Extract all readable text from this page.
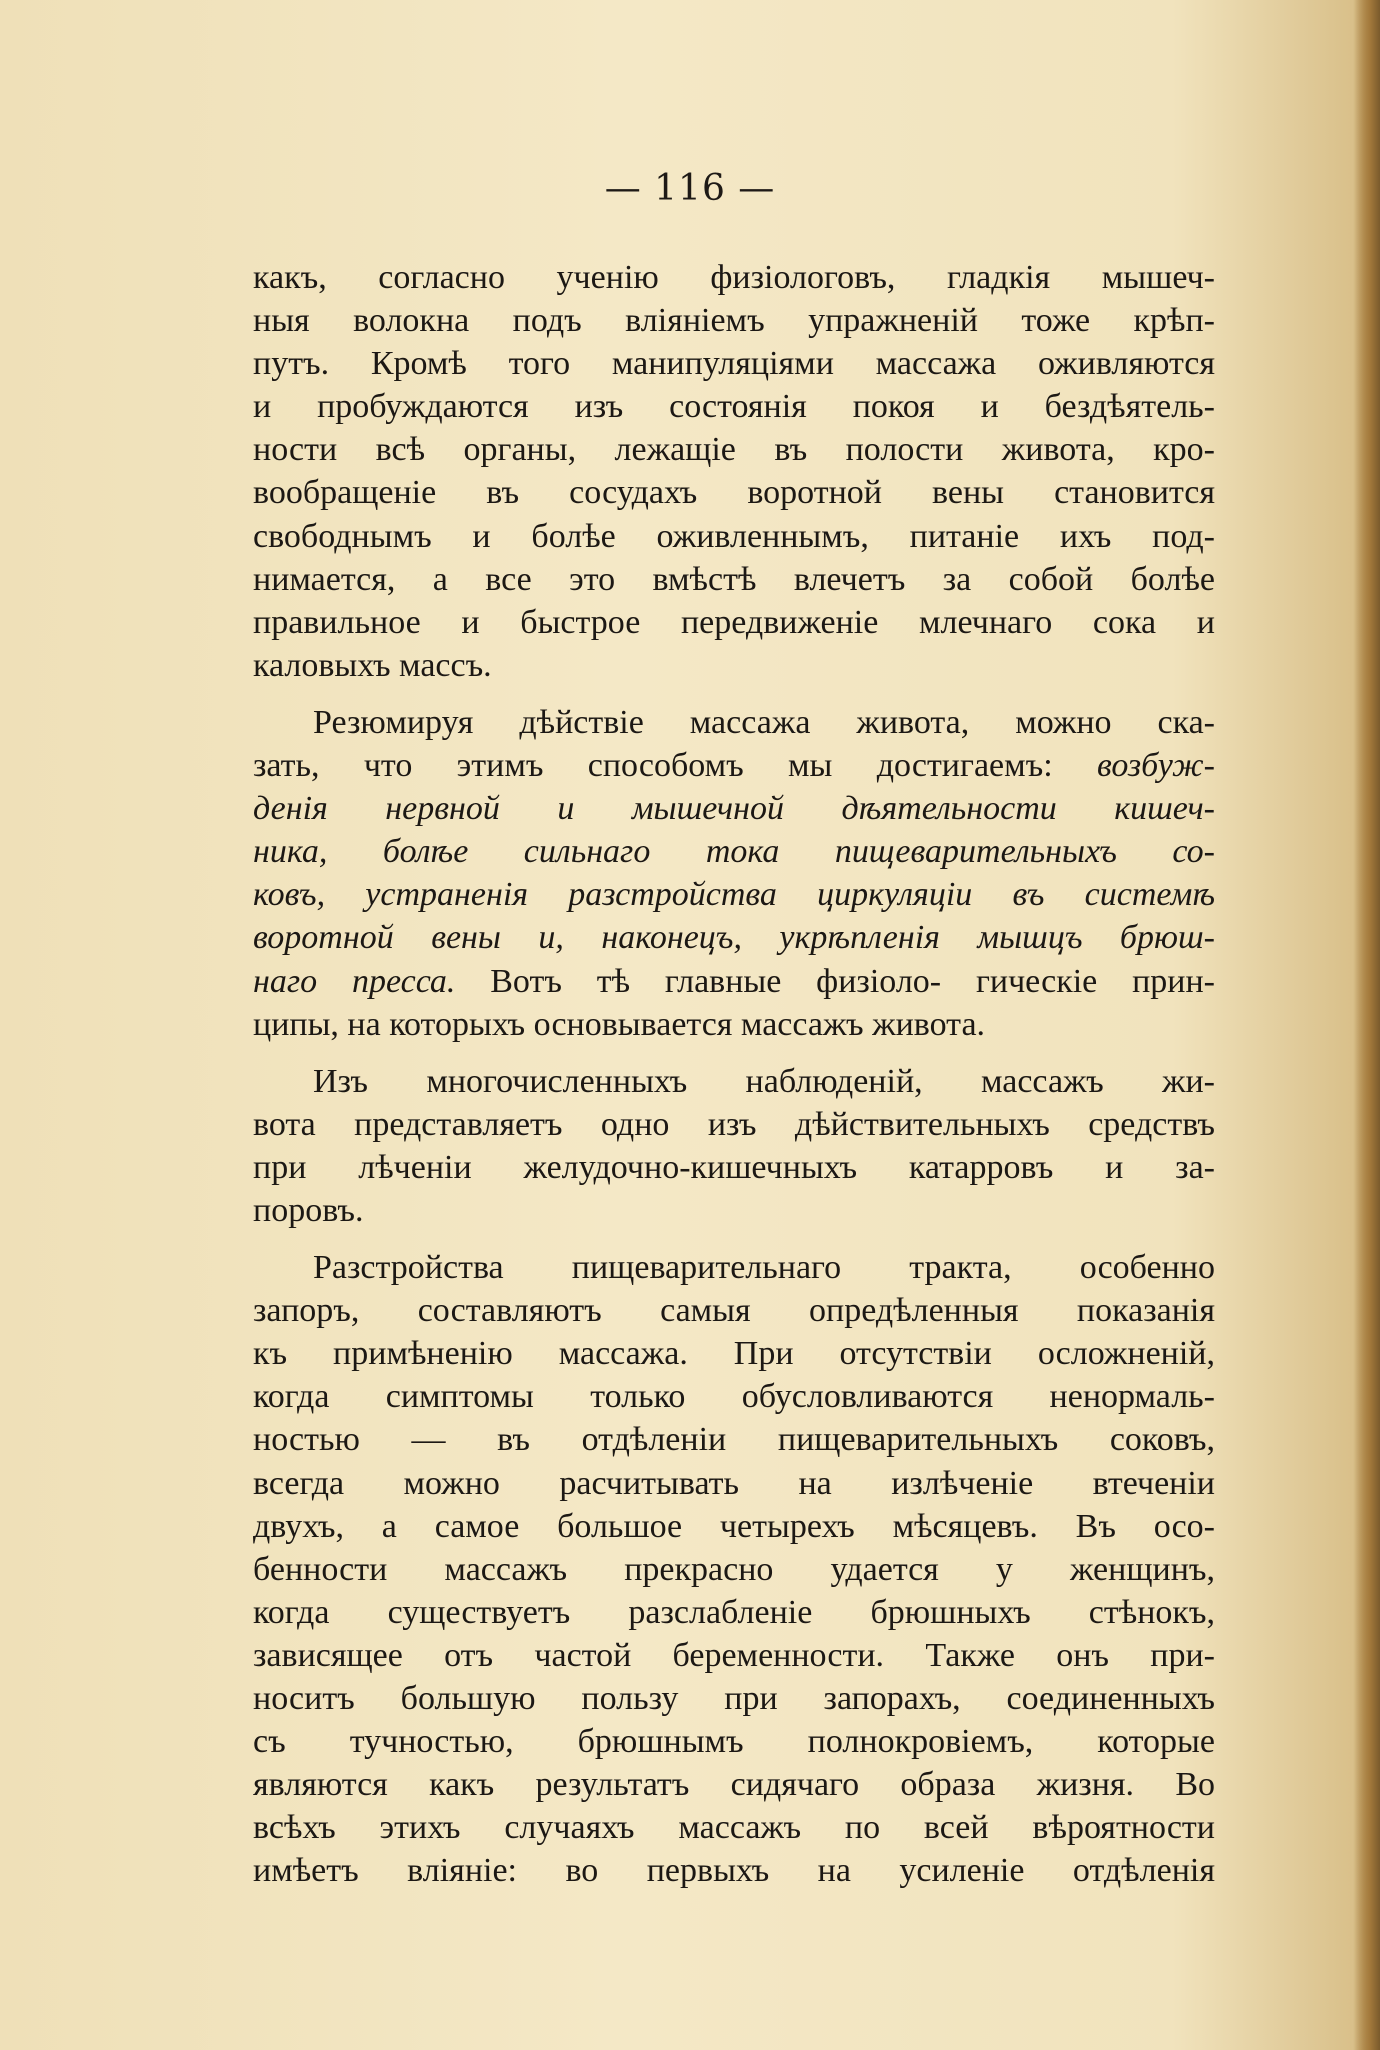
— 116 —
какъ, согласно ученію физіологовъ, гладкія мышеч-
ныя волокна подъ вліяніемъ упражненій тоже крѣп-
путъ. Кромѣ того манипуляціями массажа оживляются
и пробуждаются изъ состоянія покоя и бездѣятель-
ности всѣ органы, лежащіе въ полости живота, кро-
вообращеніе въ сосудахъ воротной вены становится
свободнымъ и болѣе оживленнымъ, питаніе ихъ под-
нимается, а все это вмѣстѣ влечетъ за собой болѣе
правильное и быстрое передвиженіе млечнаго сока и
каловыхъ массъ.
Резюмируя дѣйствіе массажа живота, можно ска-
зать, что этимъ способомъ мы достигаемъ: возбуж-
денія нервной и мышечной дѣятельности кишеч-
ника, болѣе сильнаго тока пищеварительныхъ со-
ковъ, устраненія разстройства циркуляціи въ системѣ
воротной вены и, наконецъ, укрѣпленія мышцъ брюш-
наго пресса. Вотъ тѣ главные физіоло- гическіе прин-
ципы, на которыхъ основывается массажъ живота.
Изъ многочисленныхъ наблюденій, массажъ жи-
вота представляетъ одно изъ дѣйствительныхъ средствъ
при лѣченіи желудочно-кишечныхъ катарровъ и за-
поровъ.
Разстройства пищеварительнаго тракта, особенно
запоръ, составляютъ самыя опредѣленныя показанія
къ примѣненію массажа. При отсутствіи осложненій,
когда симптомы только обусловливаются ненормаль-
ностью — въ отдѣленіи пищеварительныхъ соковъ,
всегда можно расчитывать на излѣченіе втеченіи
двухъ, а самое большое четырехъ мѣсяцевъ. Въ осо-
бенности массажъ прекрасно удается у женщинъ,
когда существуетъ разслабленіе брюшныхъ стѣнокъ,
зависящее отъ частой беременности. Также онъ при-
носитъ большую пользу при запорахъ, соединенныхъ
съ тучностью, брюшнымъ полнокровіемъ, которые
являются какъ результатъ сидячаго образа жизня. Во
всѣхъ этихъ случаяхъ массажъ по всей вѣроятности
имѣетъ вліяніе: во первыхъ на усиленіе отдѣленія
